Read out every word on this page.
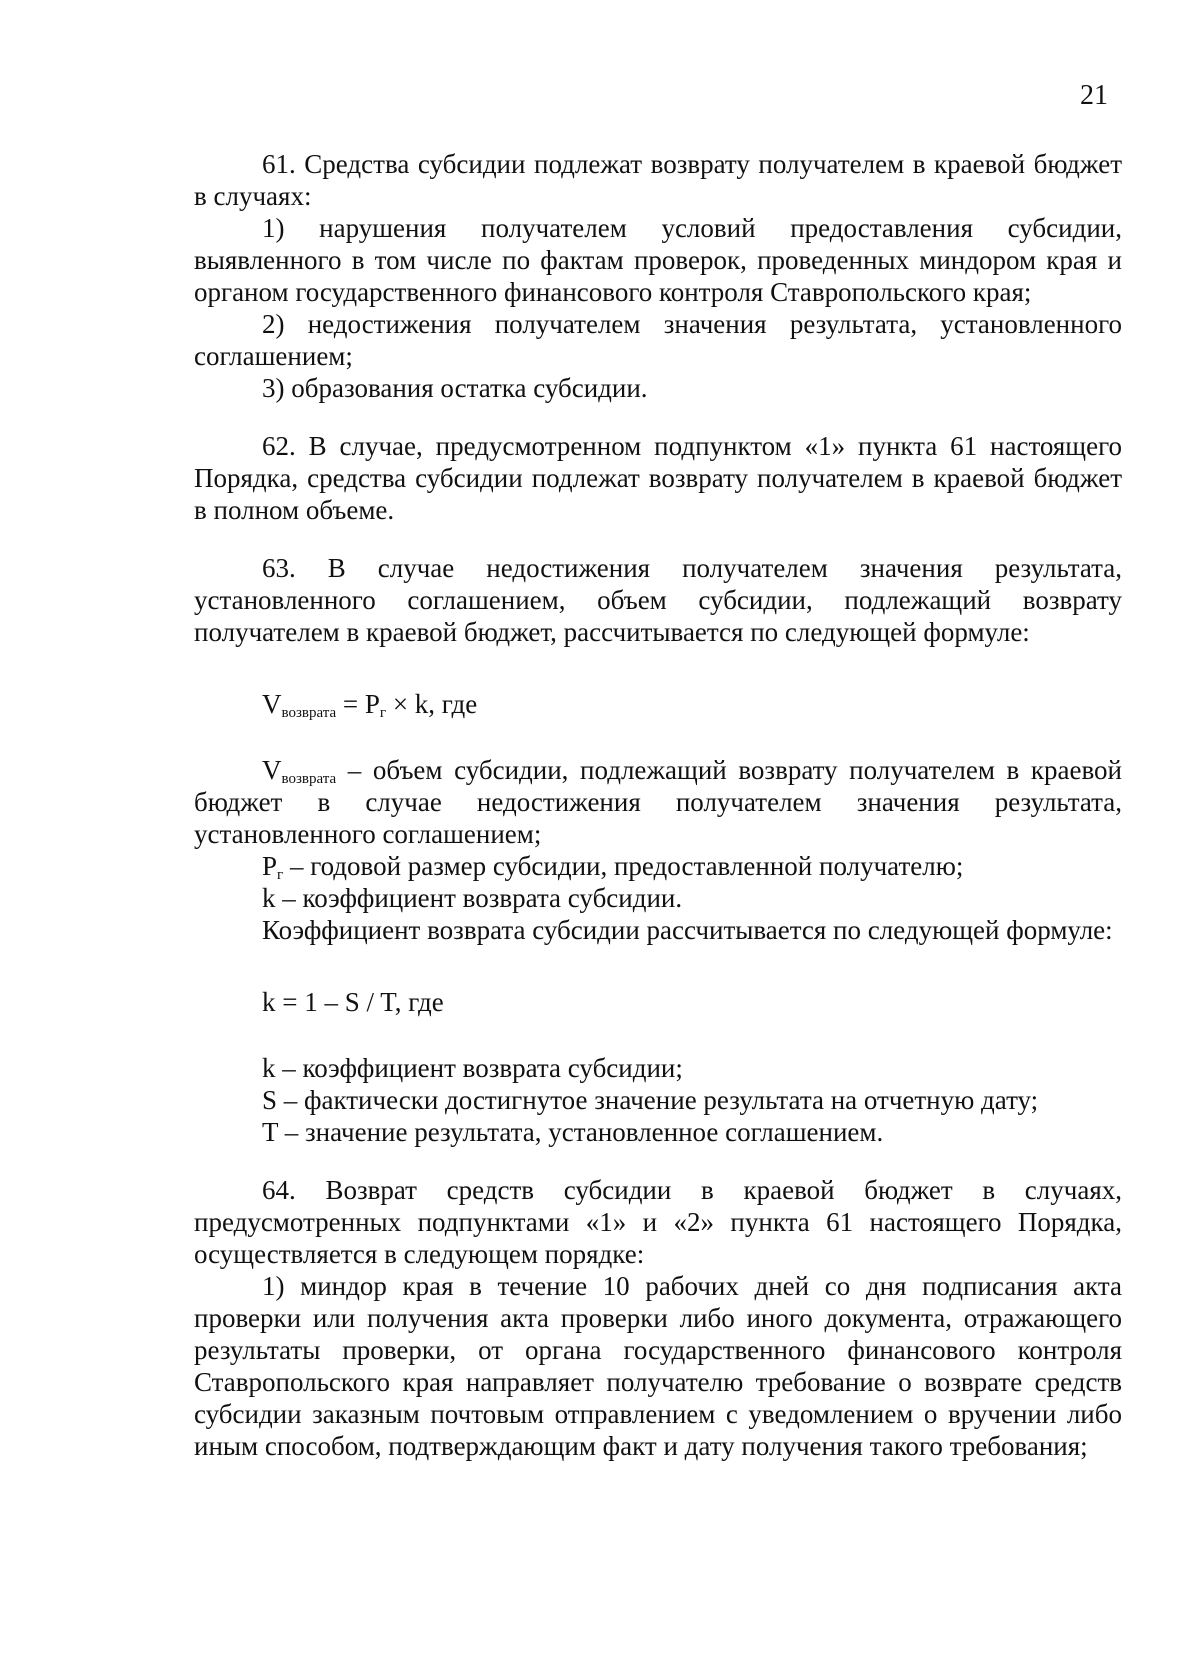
21

61. Средства субсидии подлежат возврату получателем в краевой бюджет в случаях:

1) нарушения получателем условий предоставления субсидии, выявленного в том числе по фактам проверок, проведенных миндором края и органом государственного финансового контроля Ставропольского края;

2) недостижения получателем значения результата, установленного соглашением;

3) образования остатка субсидии.

62. В случае, предусмотренном подпунктом «1» пункта 61 настоящего Порядка, средства субсидии подлежат возврату получателем в краевой бюджет в полном объеме.

63. В случае недостижения получателем значения результата, установленного соглашением, объем субсидии, подлежащий возврату получателем в краевой бюджет, рассчитывается по следующей формуле:

$V_{возврата} = P_г \times k$, где

$V_{возврата}$ – объем субсидии, подлежащий возврату получателем в краевой бюджет в случае недостижения получателем значения результата, установленного соглашением;

$P_г$ – годовой размер субсидии, предоставленной получателю;

k – коэффициент возврата субсидии.

Коэффициент возврата субсидии рассчитывается по следующей формуле:

k = 1 – S / T, где

k – коэффициент возврата субсидии;

S – фактически достигнутое значение результата на отчетную дату;

T – значение результата, установленное соглашением.

64. Возврат средств субсидии в краевой бюджет в случаях, предусмотренных подпунктами «1» и «2» пункта 61 настоящего Порядка, осуществляется в следующем порядке:

1) миндор края в течение 10 рабочих дней со дня подписания акта проверки или получения акта проверки либо иного документа, отражающего результаты проверки, от органа государственного финансового контроля Ставропольского края направляет получателю требование о возврате средств субсидии заказным почтовым отправлением с уведомлением о вручении либо иным способом, подтверждающим факт и дату получения такого требования;
